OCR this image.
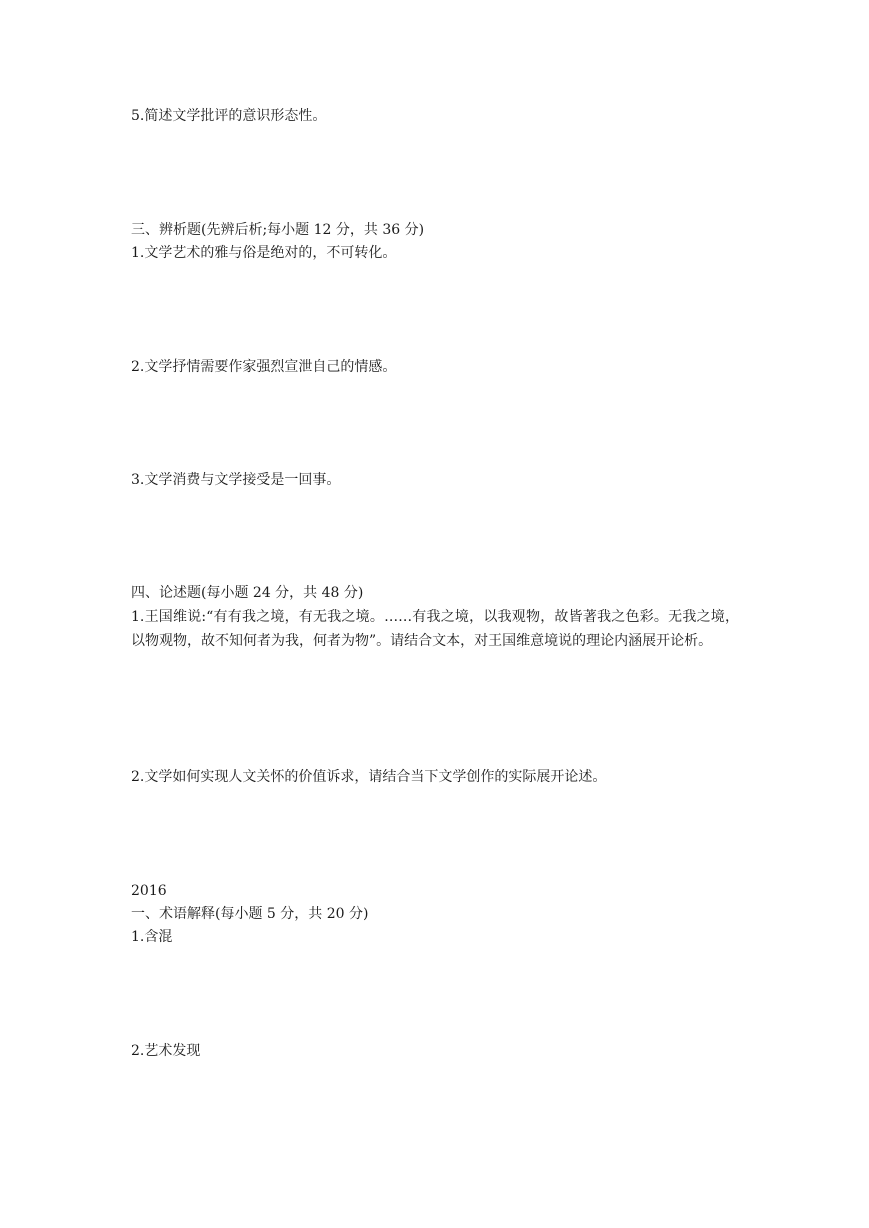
5.简述文学批评的意识形态性。

三、辨析题(先辨后析;每小题 12 分，共 36 分)

1.文学艺术的雅与俗是绝对的，不可转化。

2.文学抒情需要作家强烈宣泄自己的情感。

3.文学消费与文学接受是一回事。

四、论述题(每小题 24 分，共 48 分)

1.王国维说:“有有我之境，有无我之境。……有我之境，以我观物，故皆著我之色彩。无我之境，以物观物，故不知何者为我，何者为物”。请结合文本，对王国维意境说的理论内涵展开论析。

2.文学如何实现人文关怀的价值诉求，请结合当下文学创作的实际展开论述。

2016

一、术语解释(每小题 5 分，共 20 分)

1.含混

2.艺术发现
